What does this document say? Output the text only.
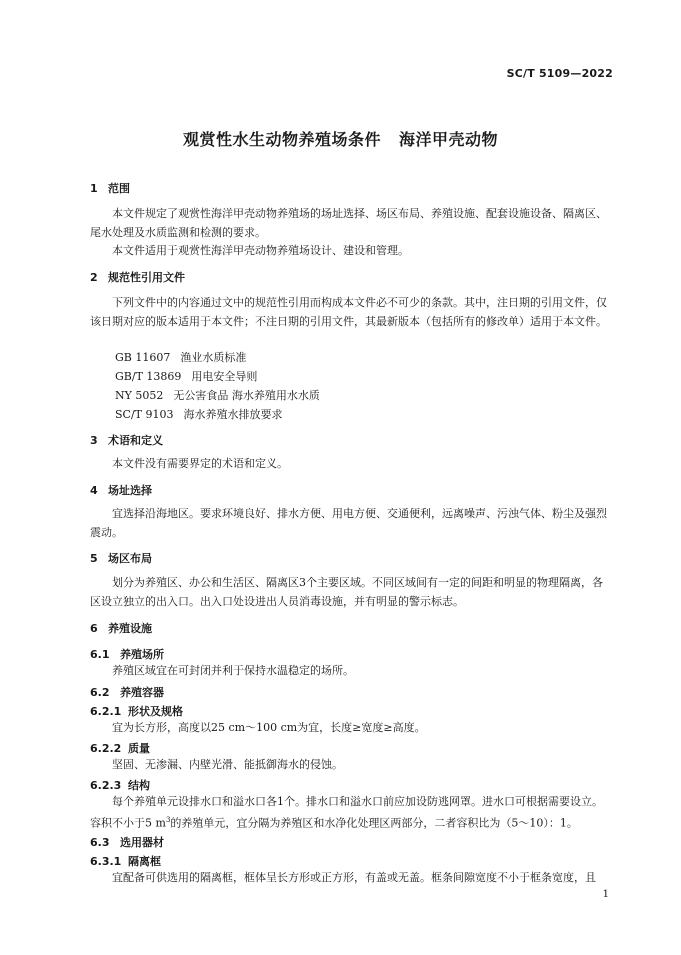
SC/T 5109—2022
观赏性水生动物养殖场条件 海洋甲壳动物
1 范围
本文件规定了观赏性海洋甲壳动物养殖场的场址选择、场区布局、养殖设施、配套设施设备、隔离区、尾水处理及水质监测和检测的要求。
本文件适用于观赏性海洋甲壳动物养殖场设计、建设和管理。
2 规范性引用文件
下列文件中的内容通过文中的规范性引用而构成本文件必不可少的条款。其中，注日期的引用文件，仅该日期对应的版本适用于本文件；不注日期的引用文件，其最新版本（包括所有的修改单）适用于本文件。
GB 11607 渔业水质标准
GB/T 13869 用电安全导则
NY 5052 无公害食品 海水养殖用水水质
SC/T 9103 海水养殖水排放要求
3 术语和定义
本文件没有需要界定的术语和定义。
4 场址选择
宜选择沿海地区。要求环境良好、排水方便、用电方便、交通便利，远离噪声、污浊气体、粉尘及强烈震动。
5 场区布局
划分为养殖区、办公和生活区、隔离区3个主要区域。不同区域间有一定的间距和明显的物理隔离，各区设立独立的出入口。出入口处设进出人员消毒设施，并有明显的警示标志。
6 养殖设施
6.1 养殖场所
养殖区域宜在可封闭并利于保持水温稳定的场所。
6.2 养殖容器
6.2.1 形状及规格
宜为长方形，高度以25 cm～100 cm为宜，长度≥宽度≥高度。
6.2.2 质量
坚固、无渗漏、内壁光滑、能抵御海水的侵蚀。
6.2.3 结构
每个养殖单元设排水口和溢水口各1个。排水口和溢水口前应加设防逃网罩。进水口可根据需要设立。容积不小于5 $m^3$的养殖单元，宜分隔为养殖区和水净化处理区两部分，二者容积比为（5～10）：1。
6.3 选用器材
6.3.1 隔离框
宜配备可供选用的隔离框，框体呈长方形或正方形，有盖或无盖。框条间隙宽度不小于框条宽度，且
1
